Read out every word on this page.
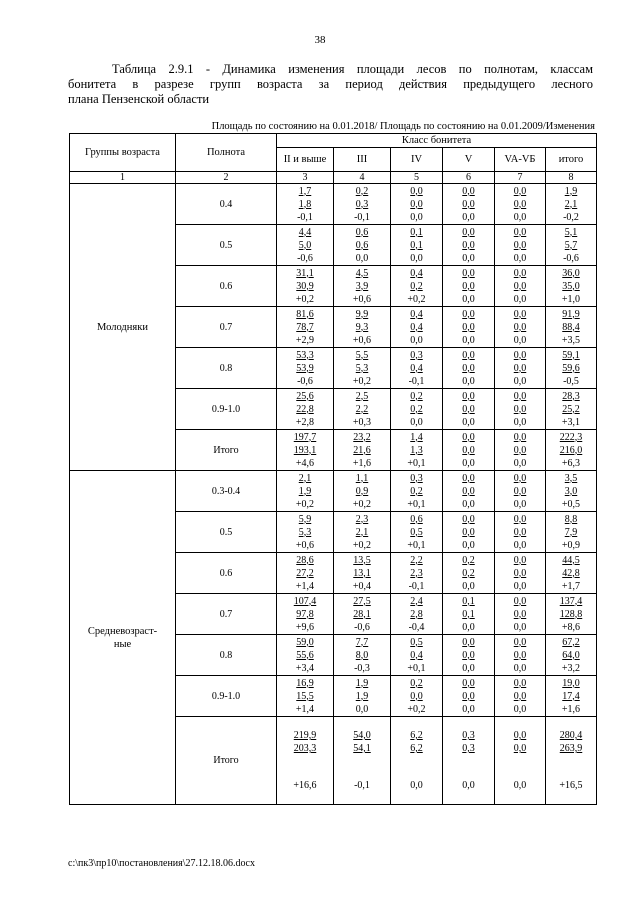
38
Таблица 2.9.1 - Динамика изменения площади лесов по полнотам, классам
бонитета в разрезе групп возраста за период действия предыдущего лесного
плана Пензенской области
Площадь по состоянию на 0.01.2018/ Площадь по состоянию на 0.01.2009/Изменения
Группы возраста	Полнота	Класс бонитета					
		II и выше	III	IV	V	VA-VБ	итого
1	2	3	4	5	6	7	8
Молодняки	0.4	1,7
1,8
-0,1	0,2
0,3
-0,1	0,0
0,0
0,0	0,0
0,0
0,0	0,0
0,0
0,0	1,9
2,1
-0,2

	0.5	4,4
5,0
-0,6	0,6
0,6
0,0	0,1
0,1
0,0	0,0
0,0
0,0	0,0
0,0
0,0	5,1
5,7
-0,6

	0.6	31,1
30,9
+0,2	4,5
3,9
+0,6	0,4
0,2
+0,2	0,0
0,0
0,0	0,0
0,0
0,0	36,0
35,0
+1,0

	0.7	81,6
78,7
+2,9	9,9
9,3
+0,6	0,4
0,4
0,0	0,0
0,0
0,0	0,0
0,0
0,0	91,9
88,4
+3,5

	0.8	53,3
53,9
-0,6	5,5
5,3
+0,2	0,3
0,4
-0,1	0,0
0,0
0,0	0,0
0,0
0,0	59,1
59,6
-0,5

	0.9-1.0	25,6
22,8
+2,8	2,5
2,2
+0,3	0,2
0,2
0,0	0,0
0,0
0,0	0,0
0,0
0,0	28,3
25,2
+3,1

	Итого	197,7
193,1
+4,6	23,2
21,6
+1,6	1,4
1,3
+0,1	0,0
0,0
0,0	0,0
0,0
0,0	222,3
216,0
+6,3

Средневозраст-
ные	0.3-0.4	2,1
1,9
+0,2	1,1
0,9
+0,2	0,3
0,2
+0,1	0,0
0,0
0,0	0,0
0,0
0,0	3,5
3,0
+0,5

	0.5	5,9
5,3
+0,6	2,3
2,1
+0,2	0,6
0,5
+0,1	0,0
0,0
0,0	0,0
0,0
0,0	8,8
7,9
+0,9

	0.6	28,6
27,2
+1,4	13,5
13,1
+0,4	2,2
2,3
-0,1	0,2
0,2
0,0	0,0
0,0
0,0	44,5
42,8
+1,7

	0.7	107,4
97,8
+9,6	27,5
28,1
-0,6	2,4
2,8
-0,4	0,1
0,1
0,0	0,0
0,0
0,0	137,4
128,8
+8,6

	0.8	59,0
55,6
+3,4	7,7
8,0
-0,3	0,5
0,4
+0,1	0,0
0,0
0,0	0,0
0,0
0,0	67,2
64,0
+3,2

	0.9-1.0	16,9
15,5
+1,4	1,9
1,9
0,0	0,2
0,0
+0,2	0,0
0,0
0,0	0,0
0,0
0,0	19,0
17,4
+1,6

	Итого	219,9
203,3
+16,6	54,0
54,1
-0,1	6,2
6,2
0,0	0,3
0,3
0,0	0,0
0,0
0,0	280,4
263,9
+16,5
c:\пк3\пр10\постановления\27.12.18.06.docx
